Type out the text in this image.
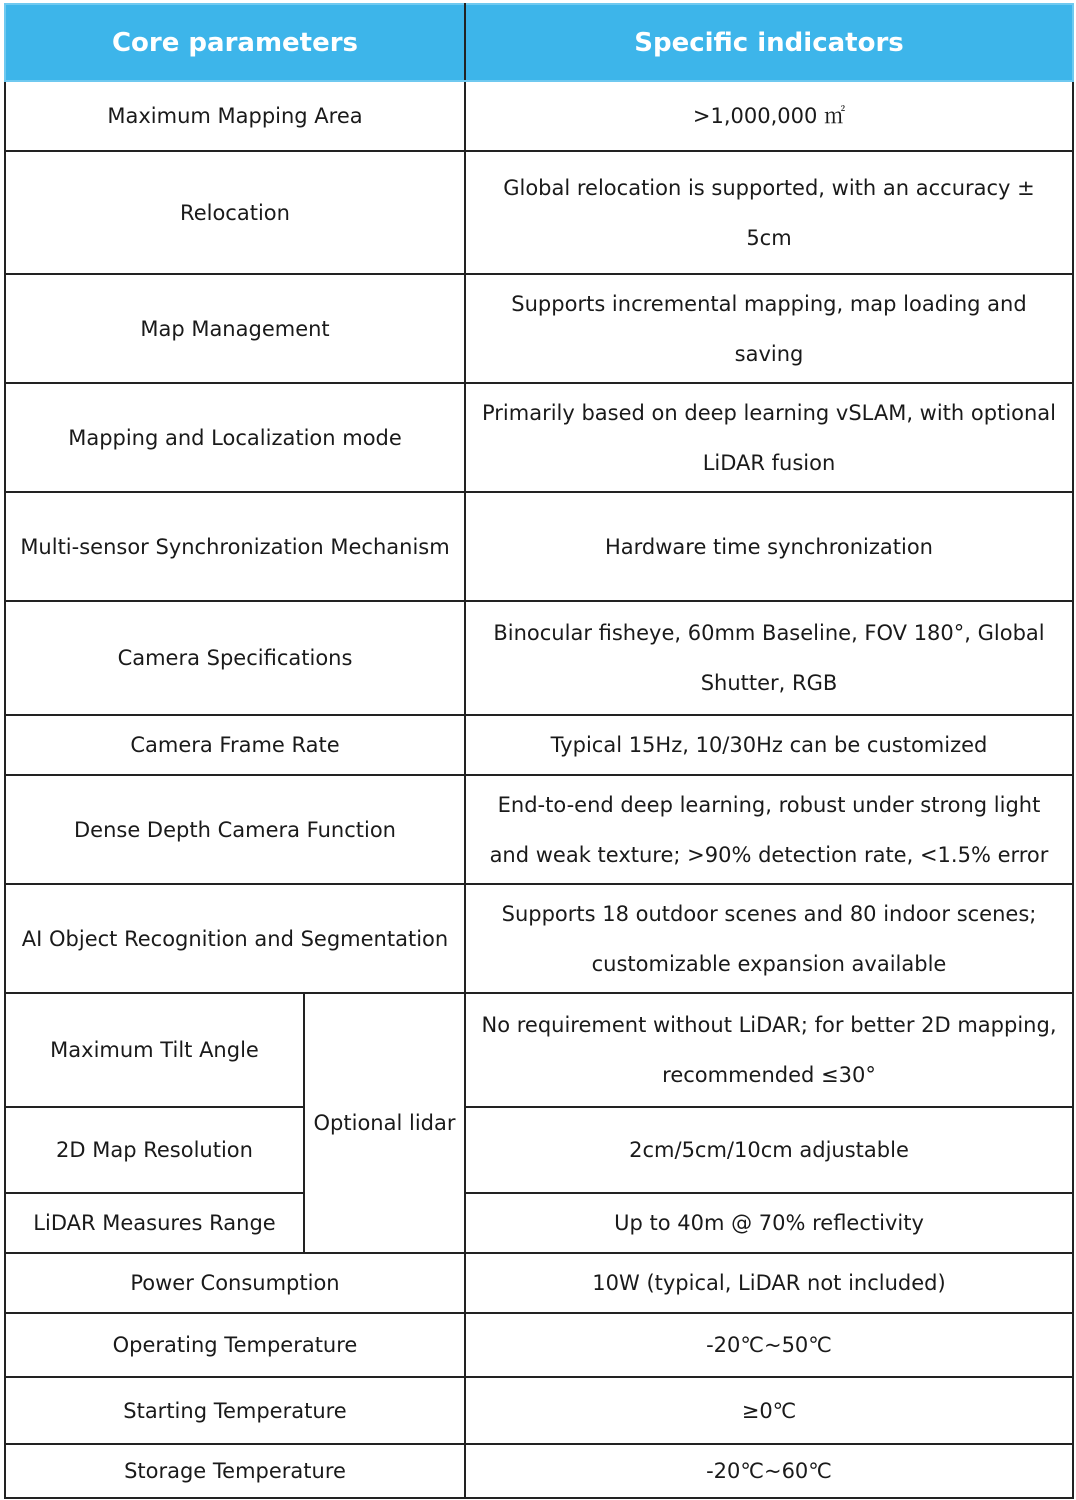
Core parameters		Specific indicators
Maximum Mapping Area		>1,000,000 ㎡
Relocation		Global relocation is supported, with an accuracy ± 5cm
Map Management		Supports incremental mapping, map loading and saving
Mapping and Localization mode		Primarily based on deep learning vSLAM, with optional LiDAR fusion
Multi-sensor Synchronization Mechanism		Hardware time synchronization
Camera Specifications		Binocular fisheye, 60mm Baseline, FOV 180°, Global Shutter, RGB
Camera Frame Rate		Typical 15Hz, 10/30Hz can be customized
Dense Depth Camera Function		End-to-end deep learning, robust under strong light and weak texture; >90% detection rate, <1.5% error
AI Object Recognition and Segmentation		Supports 18 outdoor scenes and 80 indoor scenes; customizable expansion available
Maximum Tilt Angle	Optional lidar	No requirement without LiDAR; for better 2D mapping, recommended ≤30°
2D Map Resolution		2cm/5cm/10cm adjustable
LiDAR Measures Range		Up to 40m @ 70% reflectivity
Power Consumption		10W (typical, LiDAR not included)
Operating Temperature		-20℃~50℃
Starting Temperature		≥0℃
Storage Temperature		-20℃~60℃
